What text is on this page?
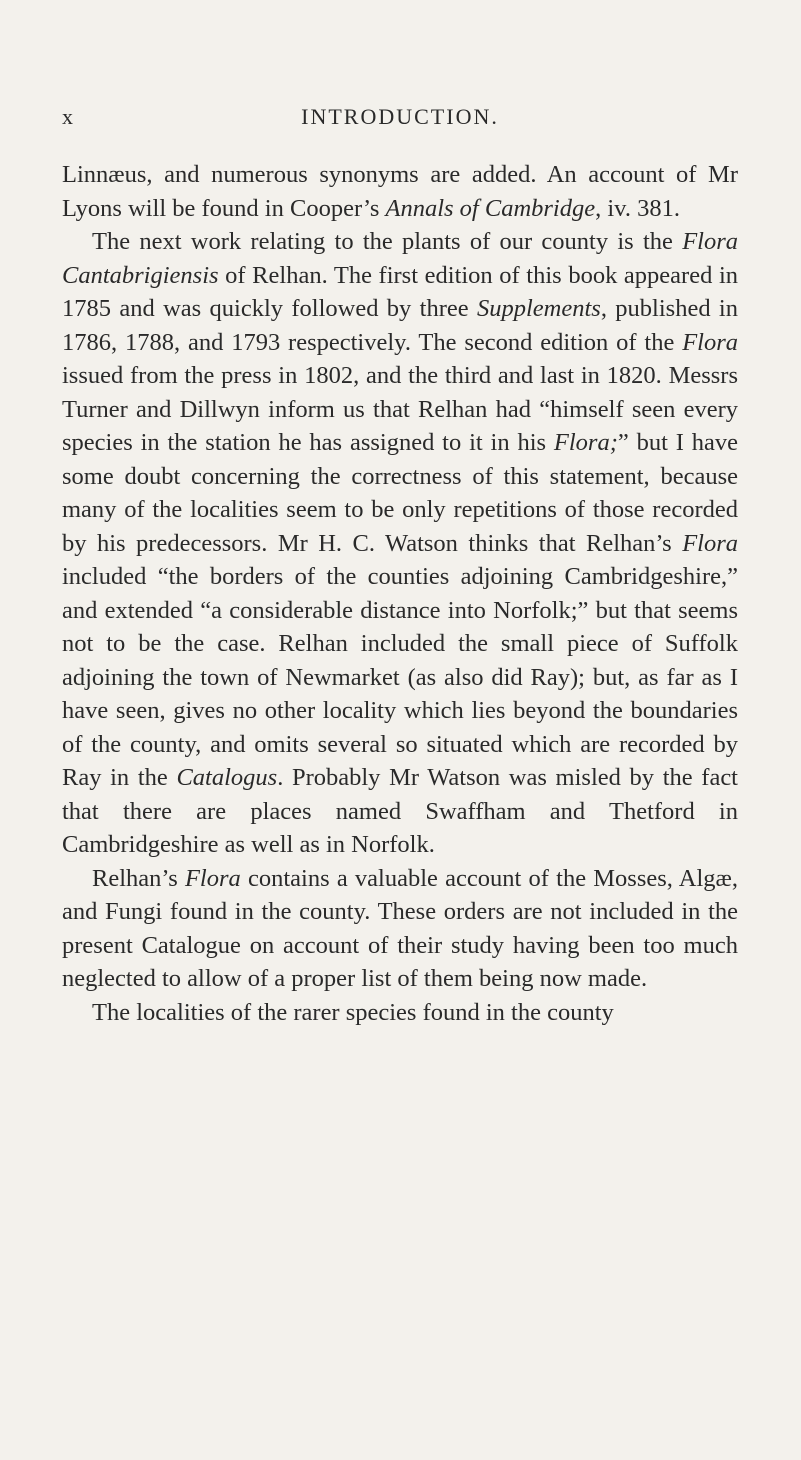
x	INTRODUCTION.

Linnæus, and numerous synonyms are added. An account of Mr Lyons will be found in Cooper’s Annals of Cambridge, iv. 381.

The next work relating to the plants of our county is the Flora Cantabrigiensis of Relhan. The first edition of this book appeared in 1785 and was quickly followed by three Supplements, published in 1786, 1788, and 1793 respectively. The second edition of the Flora issued from the press in 1802, and the third and last in 1820. Messrs Turner and Dillwyn inform us that Relhan had “himself seen every species in the station he has assigned to it in his Flora;” but I have some doubt concerning the correctness of this statement, because many of the localities seem to be only repetitions of those recorded by his predecessors. Mr H. C. Watson thinks that Relhan’s Flora included “the borders of the counties adjoining Cambridgeshire,” and extended “a considerable distance into Norfolk;” but that seems not to be the case. Relhan included the small piece of Suffolk adjoining the town of Newmarket (as also did Ray); but, as far as I have seen, gives no other locality which lies beyond the boundaries of the county, and omits several so situated which are recorded by Ray in the Catalogus. Probably Mr Watson was misled by the fact that there are places named Swaffham and Thetford in Cambridgeshire as well as in Norfolk.

Relhan’s Flora contains a valuable account of the Mosses, Algæ, and Fungi found in the county. These orders are not included in the present Catalogue on account of their study having been too much neglected to allow of a proper list of them being now made.

The localities of the rarer species found in the county
